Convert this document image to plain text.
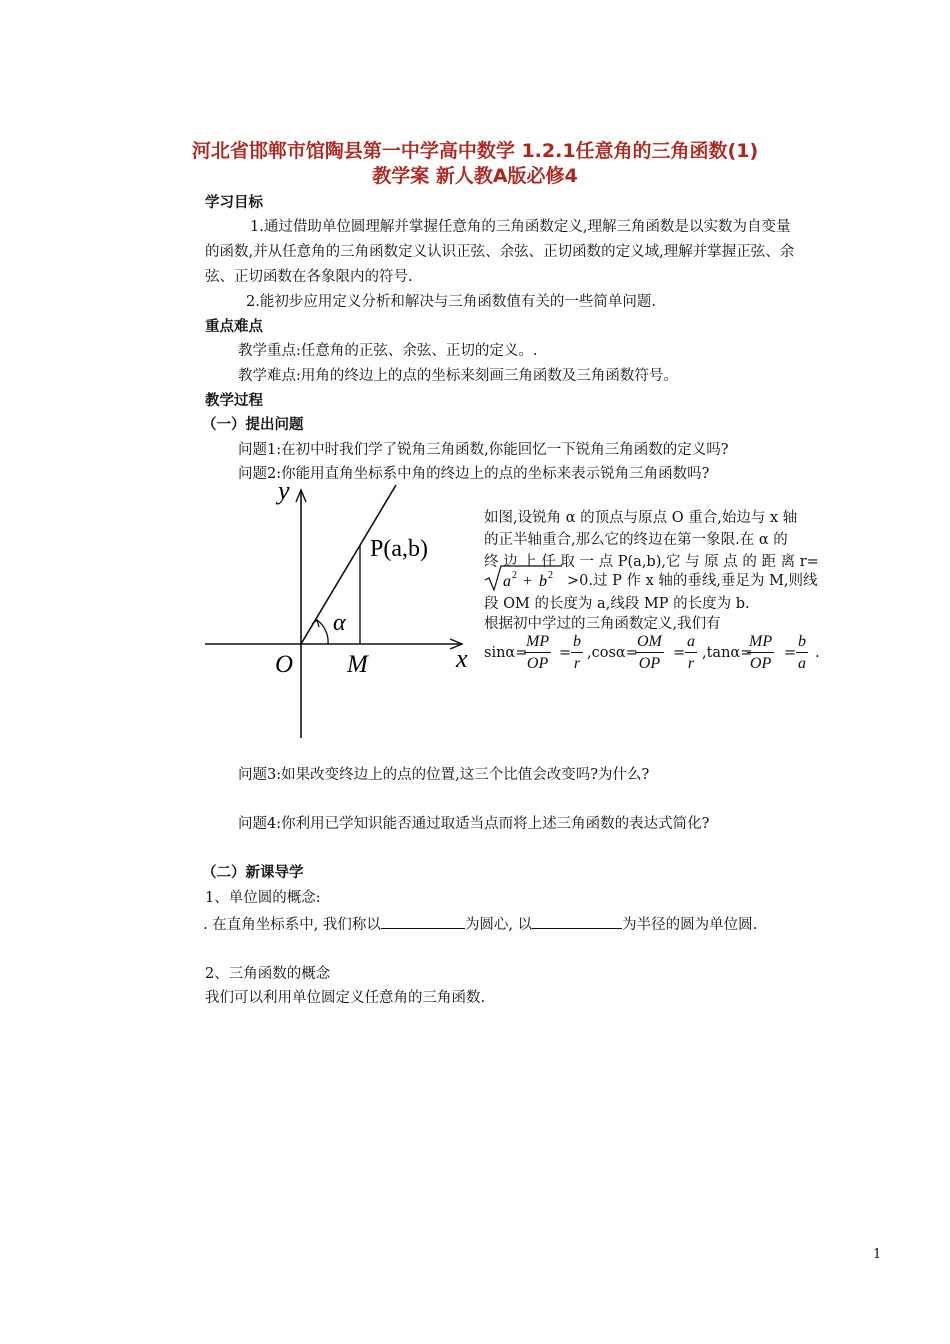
河北省邯郸市馆陶县第一中学高中数学 1.2.1任意角的三角函数(1)
教学案 新人教A版必修4
学习目标
1.通过借助单位圆理解并掌握任意角的三角函数定义,理解三角函数是以实数为自变量
的函数,并从任意角的三角函数定义认识正弦、余弦、正切函数的定义域,理解并掌握正弦、余
弦、正切函数在各象限内的符号.
2.能初步应用定义分析和解决与三角函数值有关的一些简单问题.
重点难点
教学重点:任意角的正弦、余弦、正切的定义。.
教学难点:用角的终边上的点的坐标来刻画三角函数及三角函数符号。
教学过程
（一）提出问题
问题1:在初中时我们学了锐角三角函数,你能回忆一下锐角三角函数的定义吗?
问题2:你能用直角坐标系中角的终边上的点的坐标来表示锐角三角函数吗?
y
x
O M
P(a,b)
α
如图,设锐角 α 的顶点与原点 O 重合,始边与 x 轴
的正半轴重合,那么它的终边在第一象限.在 α 的
终 边 上 任 取 一 点 P(a,b),它 与 原 点 的 距 离 r=
a 2 + b 2 >0.过 P 作 x 轴的垂线,垂足为 M,则线
段 OM 的长度为 a,线段 MP 的长度为 b.
根据初中学过的三角函数定义,我们有
sinα=
$\frac{MP}{OP} = \frac{b}{r} ,\cos\alpha=$
$\frac{OM}{OP} = \frac{a}{r} ,\tan\alpha=$
$\frac{MP}{OP} = \frac{b}{a}$ .
问题3:如果改变终边上的点的位置,这三个比值会改变吗?为什么?
问题4:你利用已学知识能否通过取适当点而将上述三角函数的表达式简化?
（二）新课导学
1、单位圆的概念:
. 在直角坐标系中, 我们称以	为圆心, 以	为半径的圆为单位圆.
2、三角函数的概念
我们可以利用单位圆定义任意角的三角函数.
1
